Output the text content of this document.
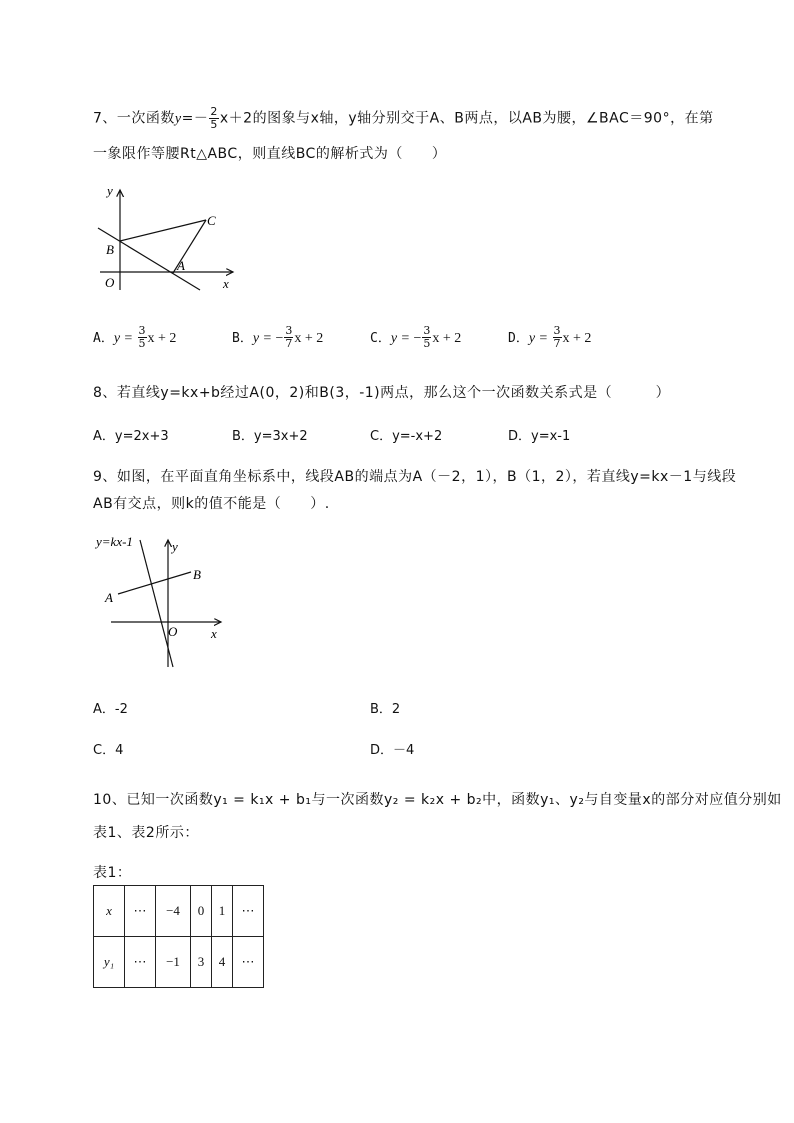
7、一次函数$y=- \frac{2}{5} x+2$的图象与x轴，y轴分别交于A、B两点，以AB为腰，∠BAC＝90°，在第
一象限作等腰Rt△ABC，则直线BC的解析式为（　　）
y
x
O
B
A
C
A．$y = \frac{3}{5}$ x + 2	B．y = − $\frac{3}{7}$ x + 2	C．y = − $\frac{3}{5}$ x + 2	D．$y = \frac{3}{7}$ x + 2
8、若直线y=kx+b经过A(0，2)和B(3，-1)两点，那么这个一次函数关系式是（　　　）
A．y=2x+3	B．y=3x+2	C．y=-x+2	D．y=x-1
9、如图，在平面直角坐标系中，线段AB的端点为A（－2，1），B（1，2），若直线y=kx－1与线段
AB有交点，则k的值不能是（　　）.
y=kx-1	y
x
O
A
B
A．-2	B．2
C．4	D．－4
10、已知一次函数y₁ = k₁x + b₁与一次函数y₂ = k₂x + b₂中，函数y₁、y₂与自变量x的部分对应值分别如
表1、表2所示：
表1：
x	⋯	−4	0	1	⋯
y₁	⋯	−1	3	4	⋯
